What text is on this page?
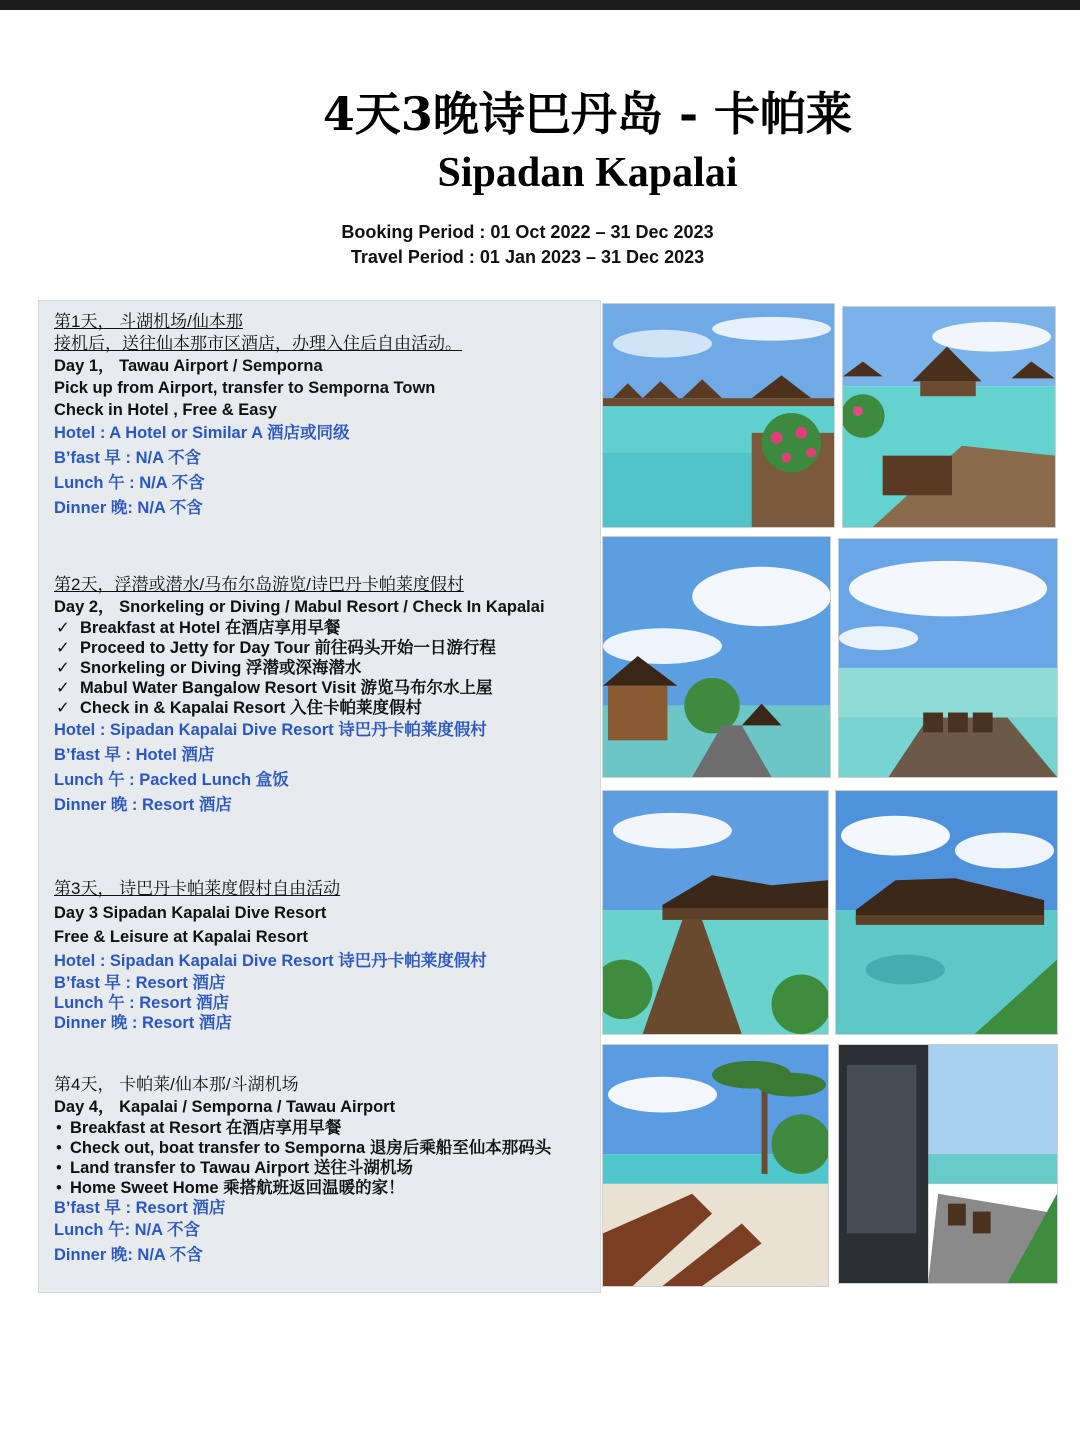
4天3晚诗巴丹岛 - 卡帕莱
Sipadan Kapalai
Booking Period : 01 Oct 2022 – 31 Dec 2023
Travel Period : 01 Jan 2023 – 31 Dec 2023
第1天， 斗湖机场/仙本那
接机后，送往仙本那市区酒店，办理入住后自由活动。
Day 1， Tawau Airport / Semporna
Pick up from Airport, transfer to Semporna Town
Check in Hotel , Free & Easy
Hotel : A Hotel or Similar A 酒店或同级
B’fast 早 : N/A 不含
Lunch 午 : N/A 不含
Dinner 晚: N/A 不含
第2天，浮潜或潜水/马布尔岛游览/诗巴丹卡帕莱度假村
Day 2， Snorkeling or Diving / Mabul Resort / Check In Kapalai
✓ Breakfast at Hotel 在酒店享用早餐
✓ Proceed to Jetty for Day Tour 前往码头开始一日游行程
✓ Snorkeling or Diving 浮潜或深海潜水
✓ Mabul Water Bangalow Resort Visit 游览马布尔水上屋
✓ Check in & Kapalai Resort 入住卡帕莱度假村
Hotel : Sipadan Kapalai Dive Resort 诗巴丹卡帕莱度假村
B’fast 早 : Hotel 酒店
Lunch 午 : Packed Lunch 盒饭
Dinner 晚 : Resort 酒店
第3天， 诗巴丹卡帕莱度假村自由活动
Day 3 Sipadan Kapalai Dive Resort
Free & Leisure at Kapalai Resort
Hotel : Sipadan Kapalai Dive Resort 诗巴丹卡帕莱度假村
B’fast 早 : Resort 酒店
Lunch 午 : Resort 酒店
Dinner 晚 : Resort 酒店
第4天， 卡帕莱/仙本那/斗湖机场
Day 4， Kapalai / Semporna / Tawau Airport
• Breakfast at Resort 在酒店享用早餐
• Check out, boat transfer to Semporna 退房后乘船至仙本那码头
• Land transfer to Tawau Airport 送往斗湖机场
• Home Sweet Home 乘搭航班返回温暖的家！
B’fast 早 : Resort 酒店
Lunch 午: N/A 不含
Dinner 晚: N/A 不含
